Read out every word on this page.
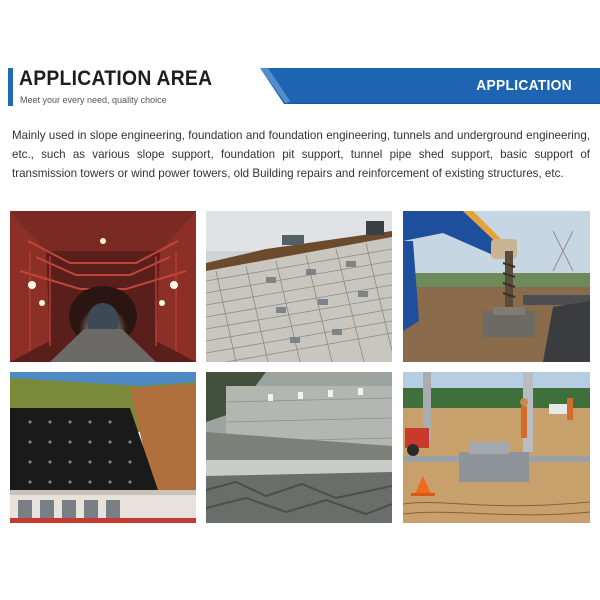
APPLICATION AREA
Meet your every need, quality choice
APPLICATION
Mainly used in slope engineering, foundation and foundation engineering, tunnels and underground engineering, etc., such as various slope support, foundation pit support, tunnel pipe shed support, basic support of transmission towers or wind power towers, old Building repairs and reinforcement of existing structures, etc.
